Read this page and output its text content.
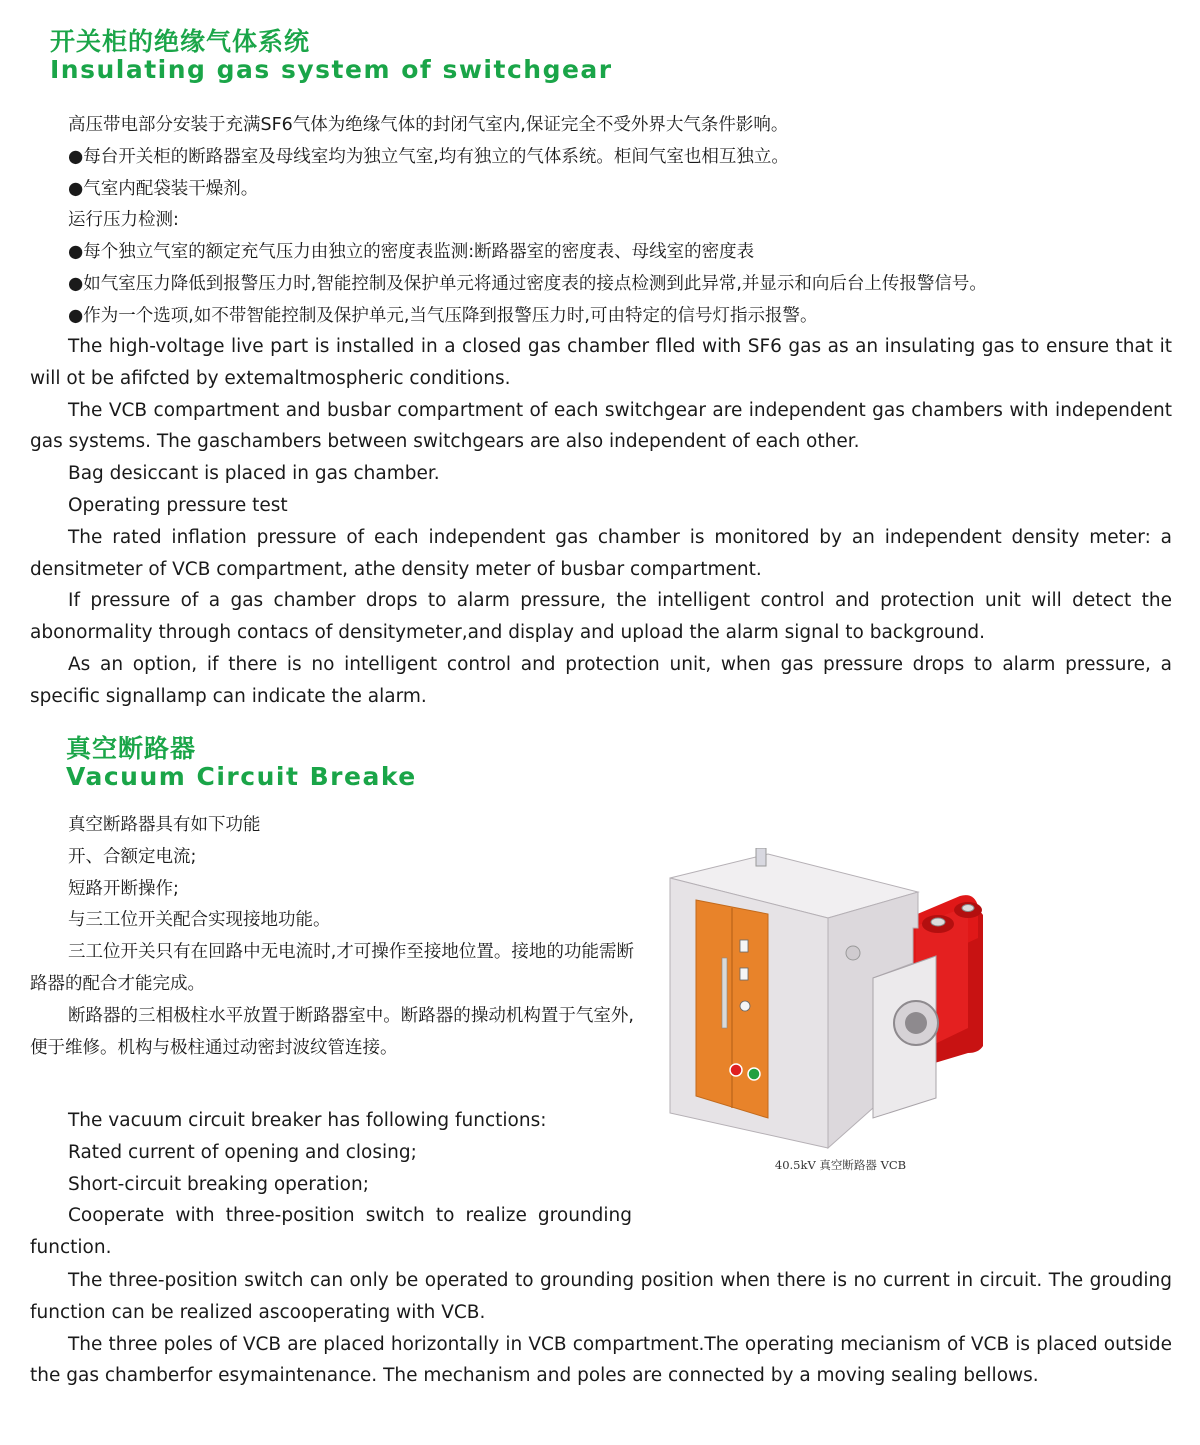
开关柜的绝缘气体系统
Insulating gas system of switchgear

高压带电部分安装于充满SF6气体为绝缘气体的封闭气室内,保证完全不受外界大气条件影响。

●每台开关柜的断路器室及母线室均为独立气室,均有独立的气体系统。柜间气室也相互独立。

●气室内配袋装干燥剂。

运行压力检测:

●每个独立气室的额定充气压力由独立的密度表监测:断路器室的密度表、母线室的密度表

●如气室压力降低到报警压力时,智能控制及保护单元将通过密度表的接点检测到此异常,并显示和向后台上传报警信号。

●作为一个选项,如不带智能控制及保护单元,当气压降到报警压力时,可由特定的信号灯指示报警。

The high-voltage live part is installed in a closed gas chamber flled with SF6 gas as an insulating gas to ensure that it will ot be afifcted by extemaltmospheric conditions.

The VCB compartment and busbar compartment of each switchgear are independent gas chambers with independent gas systems. The gaschambers between switchgears are also independent of each other.

Bag desiccant is placed in gas chamber.

Operating pressure test

The rated inflation pressure of each independent gas chamber is monitored by an independent density meter: a densitmeter of VCB compartment, athe density meter of busbar compartment.

If pressure of a gas chamber drops to alarm pressure, the intelligent control and protection unit will detect the abonormality through contacs of densitymeter,and display and upload the alarm signal to background.

As an option, if there is no intelligent control and protection unit, when gas pressure drops to alarm pressure, a specific signallamp can indicate the alarm.

真空断路器
Vacuum Circuit Breake

真空断路器具有如下功能

开、合额定电流;

短路开断操作;

与三工位开关配合实现接地功能。

三工位开关只有在回路中无电流时,才可操作至接地位置。接地的功能需断路器的配合才能完成。

断路器的三相极柱水平放置于断路器室中。断路器的操动机构置于气室外,便于维修。机构与极柱通过动密封波纹管连接。

The vacuum circuit breaker has following functions:

Rated current of opening and closing;

Short-circuit breaking operation;

Cooperate with three-position switch to realize grounding function.

The three-position switch can only be operated to grounding position when there is no current in circuit. The grouding function can be realized ascooperating with VCB.

The three poles of VCB are placed horizontally in VCB compartment.The operating mecianism of VCB is placed outside the gas chamberfor esymaintenance. The mechanism and poles are connected by a moving sealing bellows.

40.5kV 真空断路器 VCB
